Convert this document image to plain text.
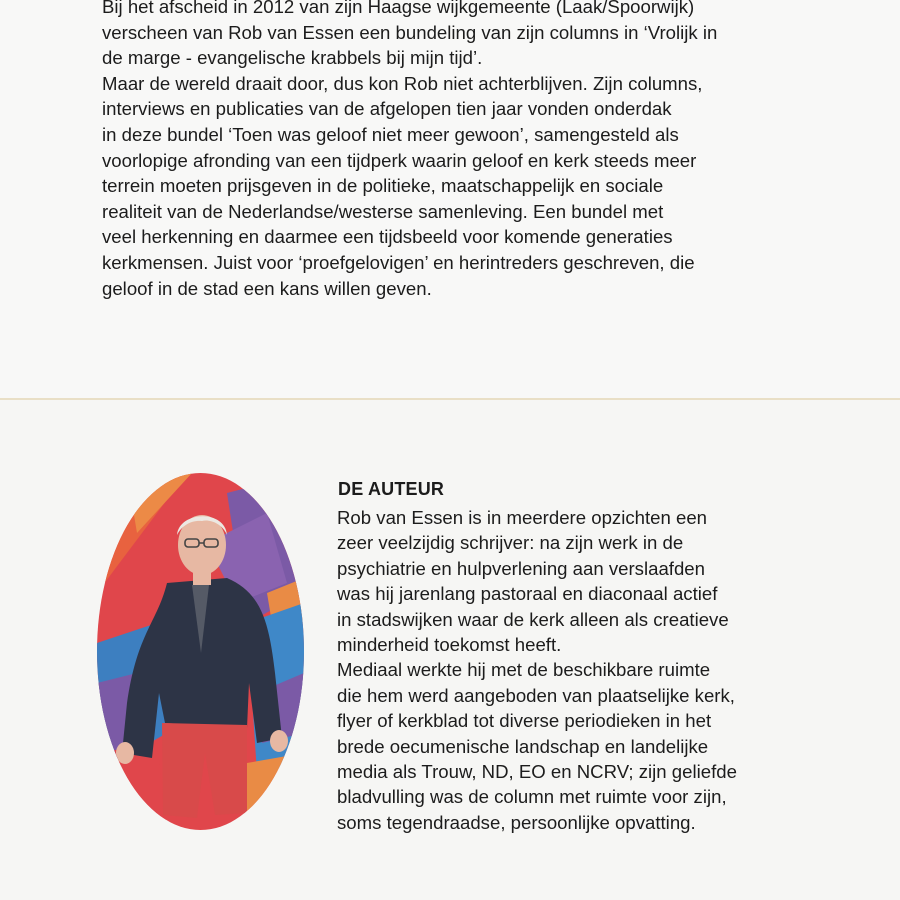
Bij het afscheid in 2012 van zijn Haagse wijkgemeente (Laak/Spoorwijk)
verscheen van Rob van Essen een bundeling van zijn columns in ‘Vrolijk in
de marge - evangelische krabbels bij mijn tijd’.
Maar de wereld draait door, dus kon Rob niet achterblijven. Zijn columns,
interviews en publicaties van de afgelopen tien jaar vonden onderdak
in deze bundel ‘Toen was geloof niet meer gewoon’, samengesteld als
voorlopige afronding van een tijdperk waarin geloof en kerk steeds meer
terrein moeten prijsgeven in de politieke, maatschappelijk en sociale
realiteit van de Nederlandse/westerse samenleving. Een bundel met
veel herkenning en daarmee een tijdsbeeld voor komende generaties
kerkmensen. Juist voor ‘proefgelovigen’ en herintreders geschreven, die
geloof in de stad een kans willen geven.

DE AUTEUR

Rob van Essen is in meerdere opzichten een
zeer veelzijdig schrijver: na zijn werk in de
psychiatrie en hulpverlening aan verslaafden
was hij jarenlang pastoraal en diaconaal actief
in stadswijken waar de kerk alleen als creatieve
minderheid toekomst heeft.
Mediaal werkte hij met de beschikbare ruimte
die hem werd aangeboden van plaatselijke kerk,
flyer of kerkblad tot diverse periodieken in het
brede oecumenische landschap en landelijke
media als Trouw, ND, EO en NCRV; zijn geliefde
bladvulling was de column met ruimte voor zijn,
soms tegendraadse, persoonlijke opvatting.
